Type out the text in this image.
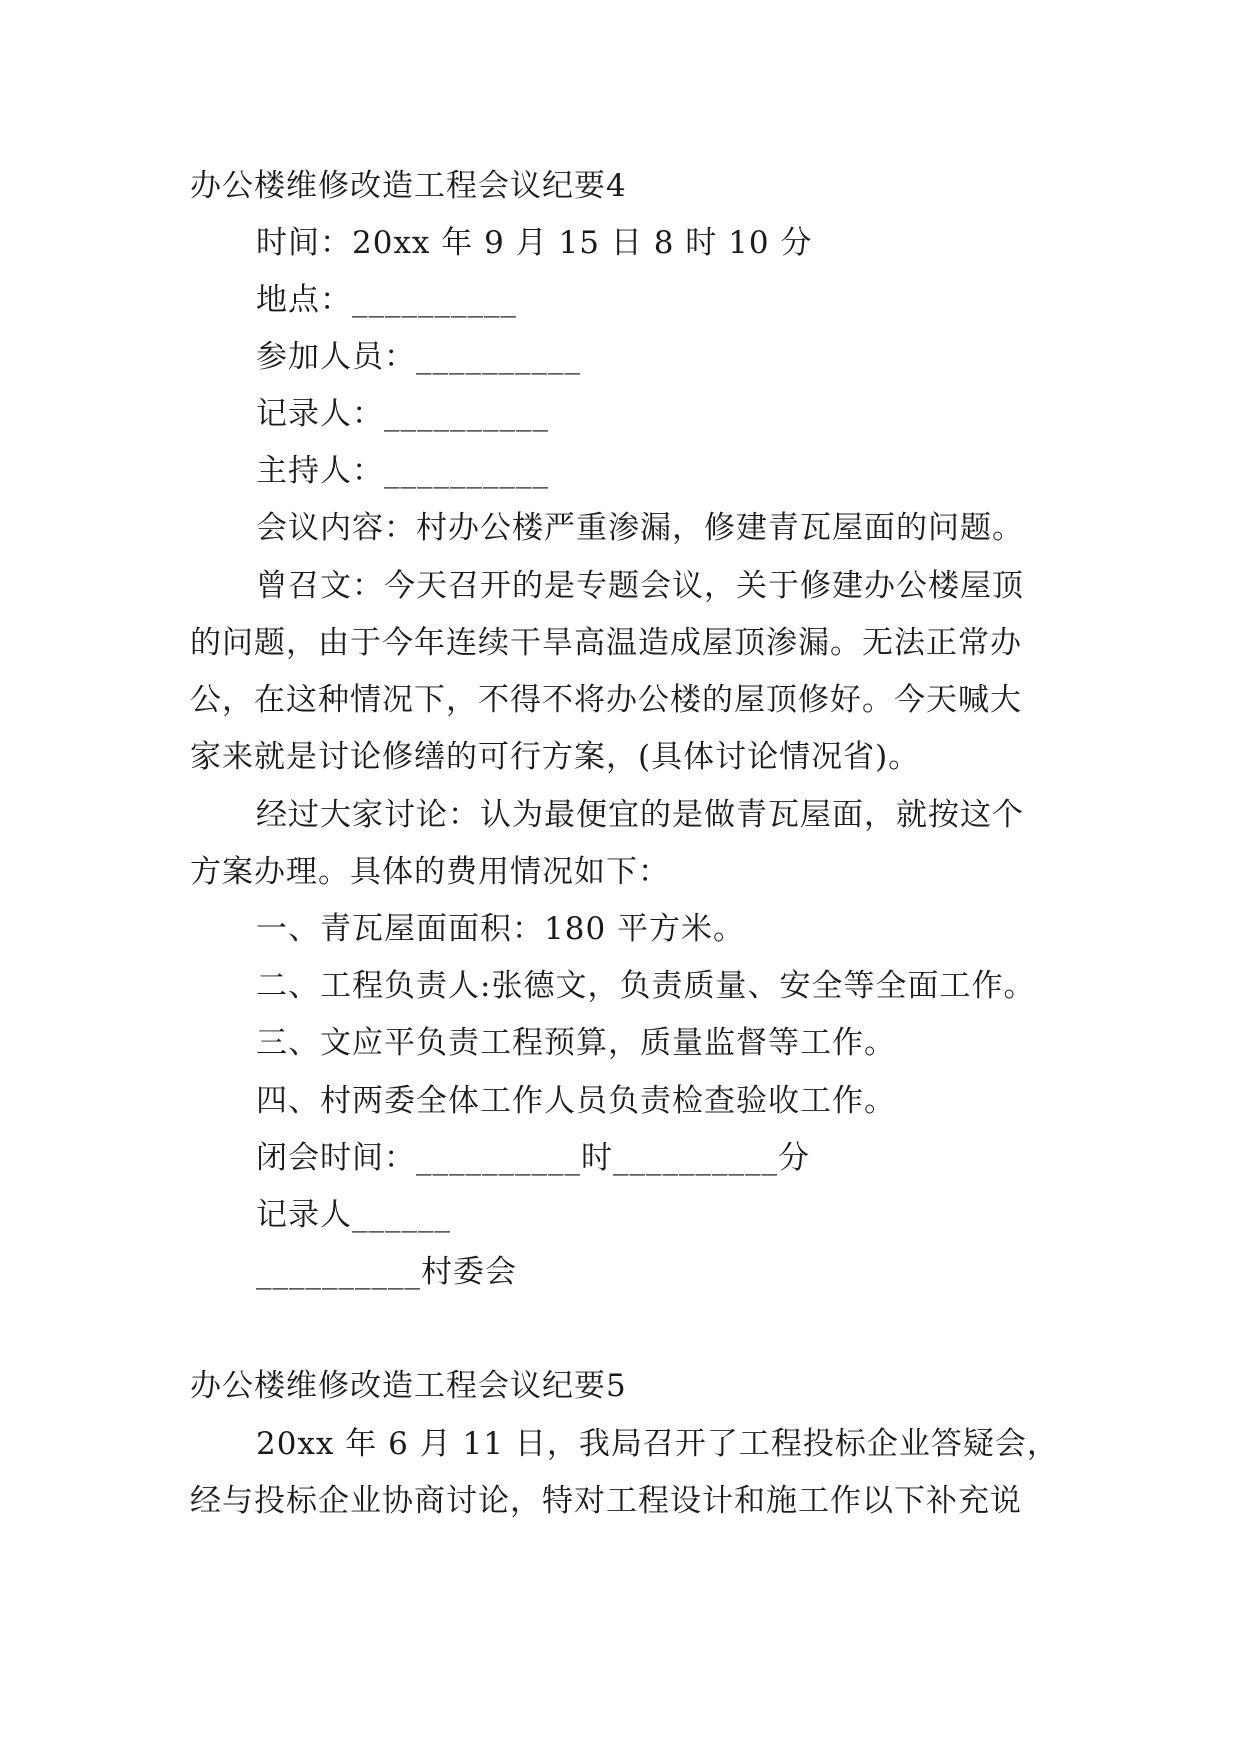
办公楼维修改造工程会议纪要4
时间：20xx 年 9 月 15 日 8 时 10 分
地点：__________
参加人员：__________
记录人：__________
主持人：__________
会议内容：村办公楼严重渗漏，修建青瓦屋面的问题。
曾召文：今天召开的是专题会议，关于修建办公楼屋顶
的问题，由于今年连续干旱高温造成屋顶渗漏。无法正常办
公，在这种情况下，不得不将办公楼的屋顶修好。今天喊大
家来就是讨论修缮的可行方案，(具体讨论情况省)。
经过大家讨论：认为最便宜的是做青瓦屋面，就按这个
方案办理。具体的费用情况如下：
一、青瓦屋面面积：180 平方米。
二、工程负责人:张德文，负责质量、安全等全面工作。
三、文应平负责工程预算，质量监督等工作。
四、村两委全体工作人员负责检查验收工作。
闭会时间：__________时__________分
记录人______
__________村委会
办公楼维修改造工程会议纪要5
20xx 年 6 月 11 日，我局召开了工程投标企业答疑会，
经与投标企业协商讨论，特对工程设计和施工作以下补充说
